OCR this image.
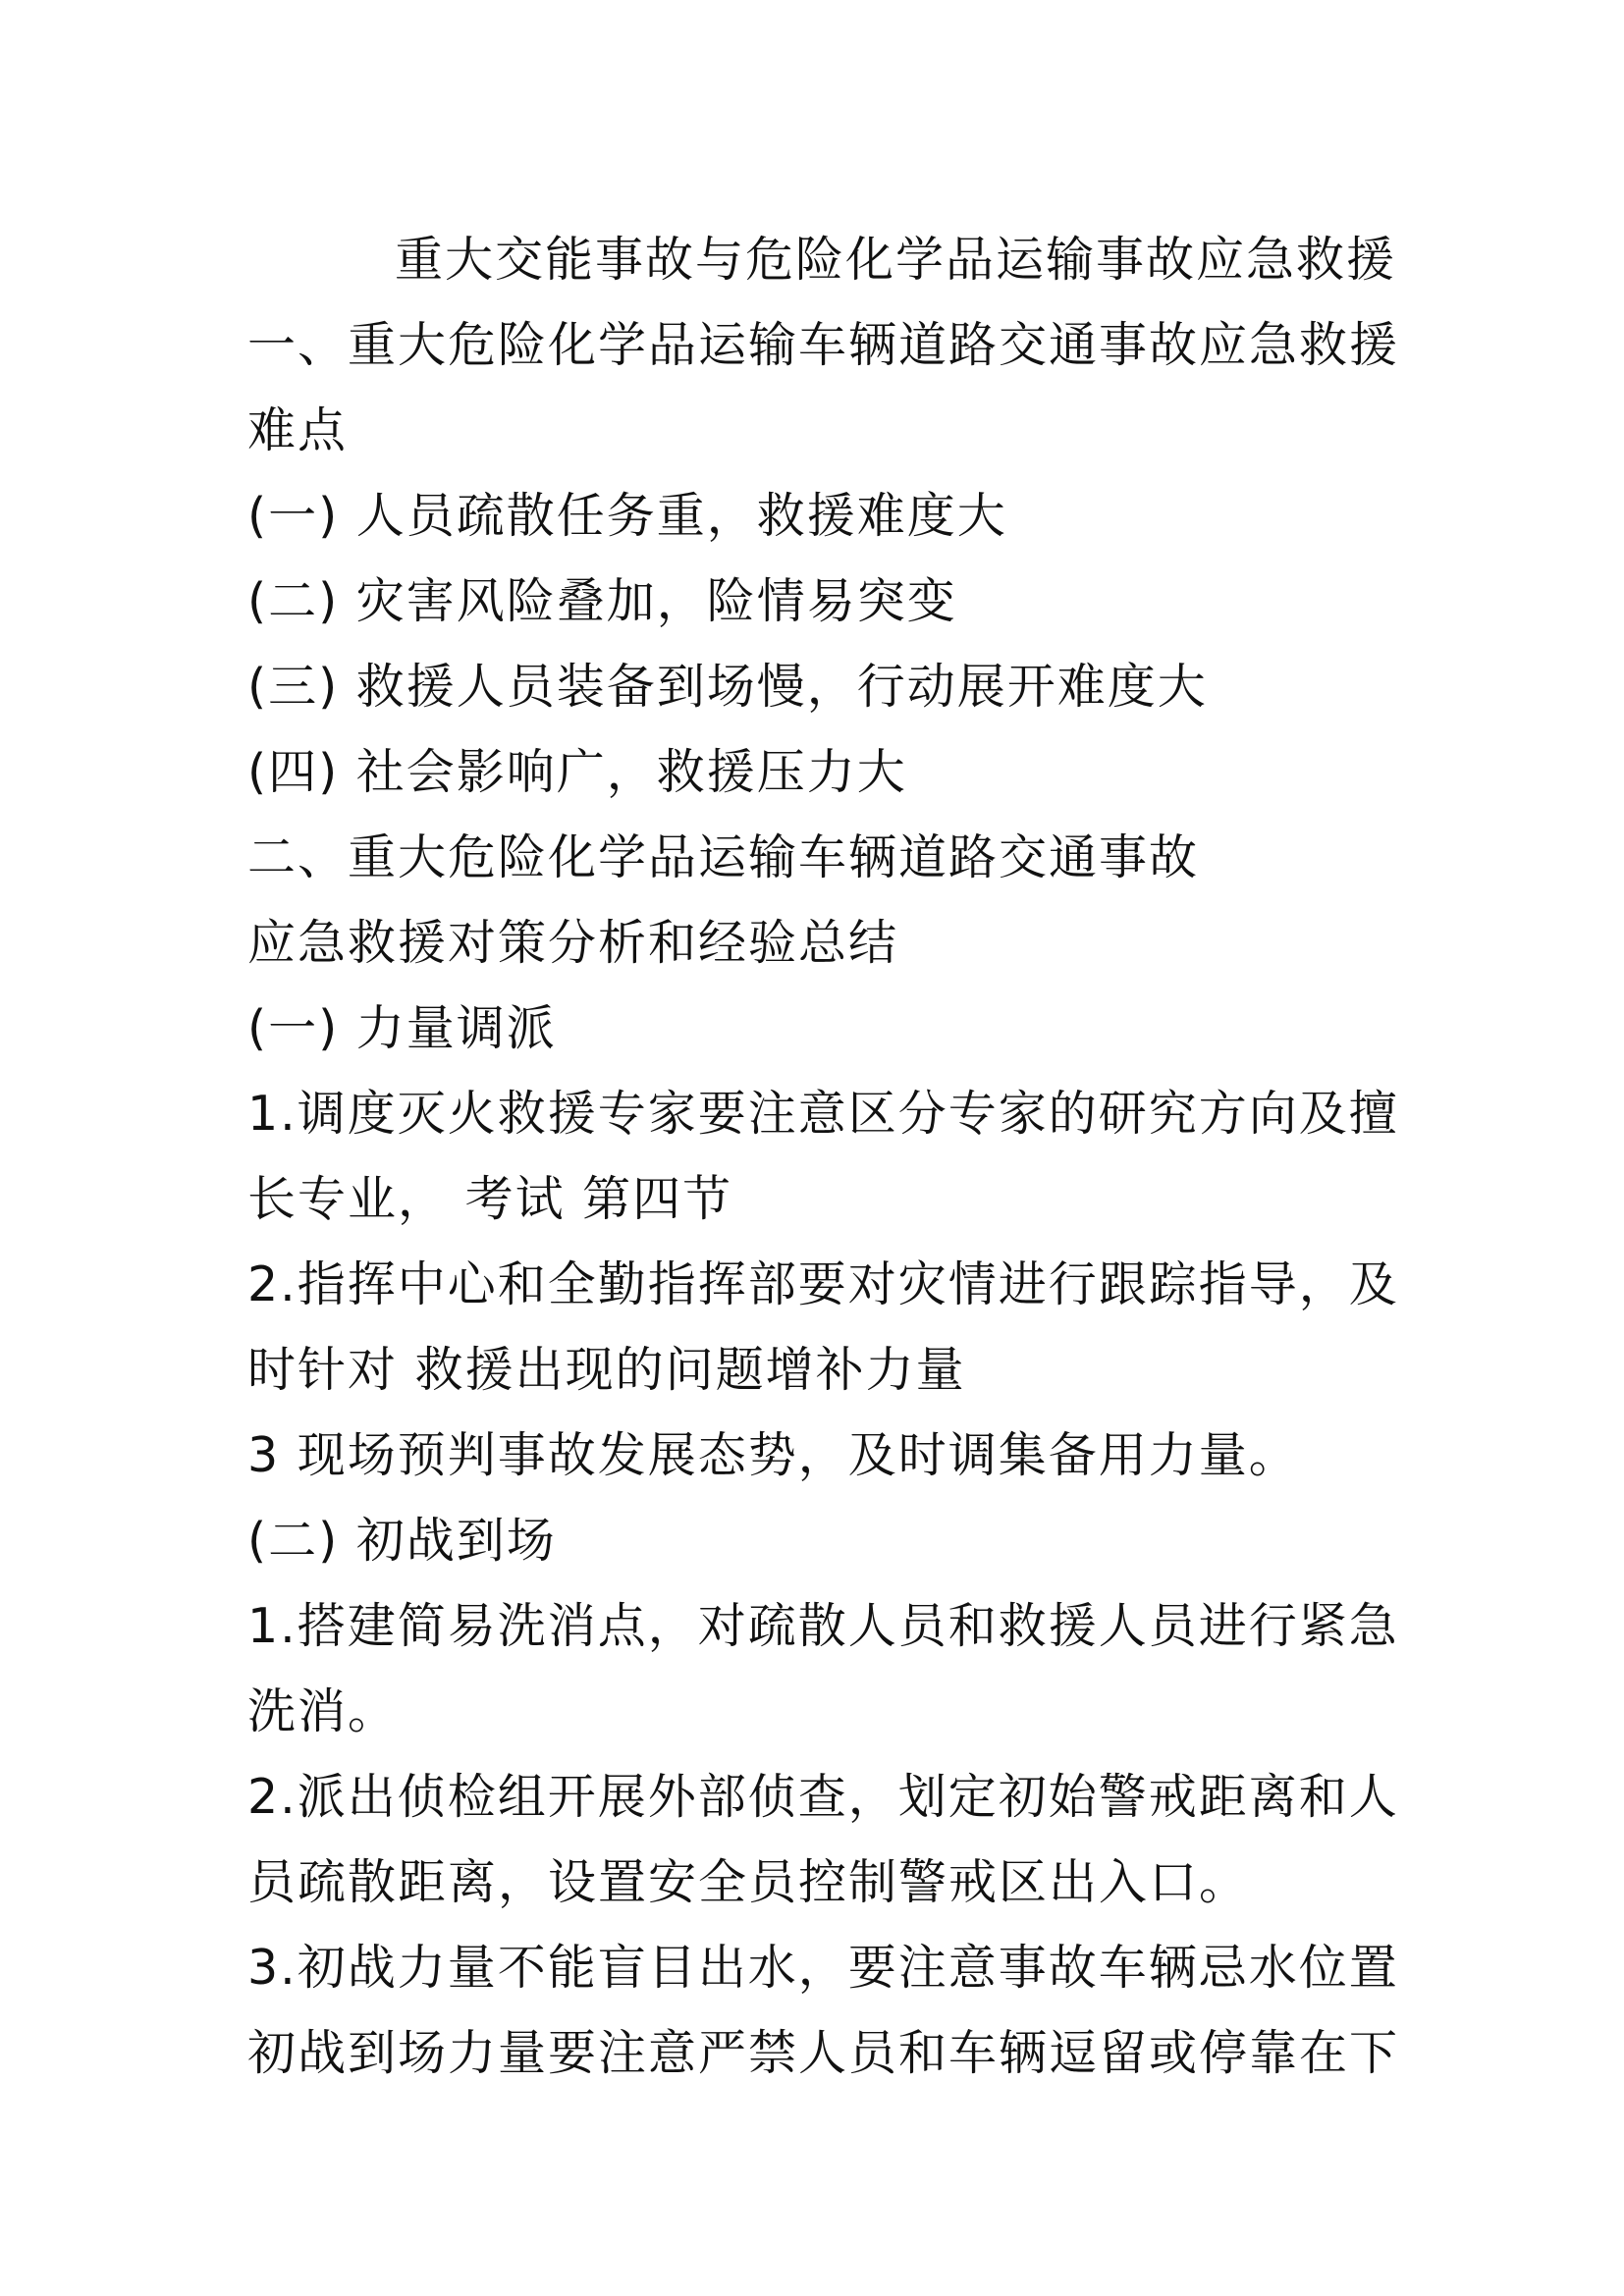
重大交能事故与危险化学品运输事故应急救援
一、重大危险化学品运输车辆道路交通事故应急救援
难点
(一) 人员疏散任务重，救援难度大
(二) 灾害风险叠加，险情易突变
(三) 救援人员装备到场慢，行动展开难度大
(四) 社会影响广，救援压力大
二、重大危险化学品运输车辆道路交通事故
应急救援对策分析和经验总结
(一) 力量调派
1.调度灭火救援专家要注意区分专家的研究方向及擅
长专业， 考试 第四节
2.指挥中心和全勤指挥部要对灾情进行跟踪指导，及
时针对 救援出现的问题增补力量
3 现场预判事故发展态势，及时调集备用力量。
(二) 初战到场
1.搭建简易洗消点，对疏散人员和救援人员进行紧急
洗消。
2.派出侦检组开展外部侦查，划定初始警戒距离和人
员疏散距离，设置安全员控制警戒区出入口。
3.初战力量不能盲目出水，要注意事故车辆忌水位置
初战到场力量要注意严禁人员和车辆逗留或停靠在下
